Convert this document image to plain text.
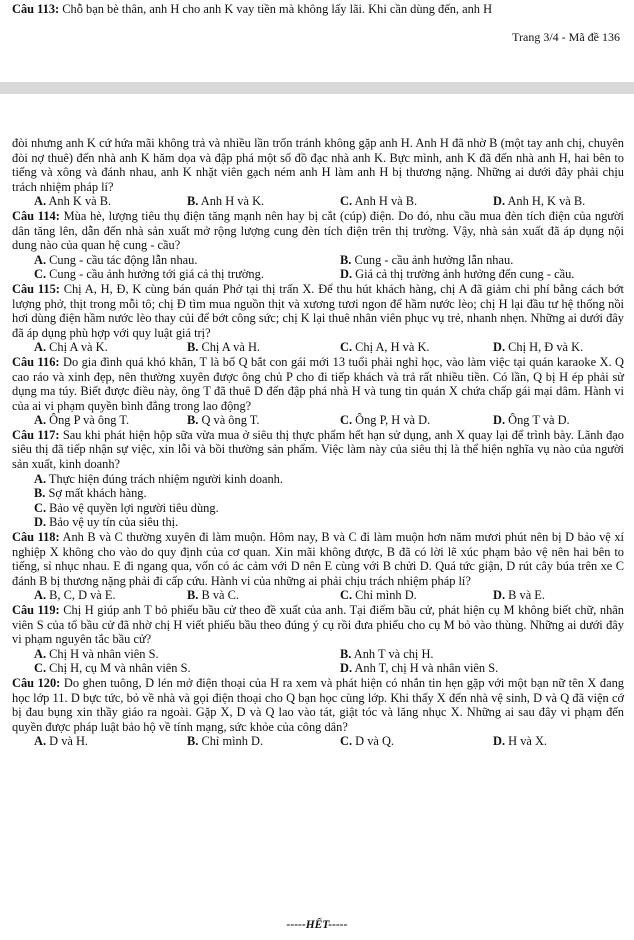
Câu 113: Chỗ bạn bè thân, anh H cho anh K vay tiền mà không lấy lãi. Khi cần dùng đến, anh H

Trang 3/4 - Mã đề 136

đòi nhưng anh K cứ hứa mãi không trả và nhiều lần trốn tránh không gặp anh H. Anh H đã nhờ B (một tay anh chị, chuyên đòi nợ thuê) đến nhà anh K hăm dọa và đập phá một số đồ đạc nhà anh K. Bực mình, anh K đã đến nhà anh H, hai bên to tiếng và xông và đánh nhau, anh K nhặt viên gạch ném anh H làm anh H bị thương nặng. Những ai dưới đây phải chịu trách nhiệm pháp lí?

A. Anh K và B.	B. Anh H và K.	C. Anh H và B.	D. Anh H, K và B.

Câu 114: Mùa hè, lượng tiêu thụ điện tăng mạnh nên hay bị cắt (cúp) điện. Do đó, nhu cầu mua đèn tích điện của người dân tăng lên, dẫn đến nhà sản xuất mở rộng lượng cung đèn tích điện trên thị trường. Vậy, nhà sản xuất đã áp dụng nội dung nào của quan hệ cung - cầu?

A. Cung - cầu tác động lẫn nhau.	B. Cung - cầu ảnh hưởng lẫn nhau.
C. Cung - cầu ảnh hưởng tới giá cả thị trường.	D. Giá cả thị trường ảnh hưởng đến cung - cầu.

Câu 115: Chị A, H, Đ, K cùng bán quán Phở tại thị trấn X. Để thu hút khách hàng, chị A đã giảm chi phí bằng cách bớt lượng phở, thịt trong mỗi tô; chị Đ tìm mua nguồn thịt và xương tươi ngon để hầm nước lèo; chị H lại đầu tư hệ thống nồi hơi dùng điện hầm nước lèo thay củi để bớt công sức; chị K lại thuê nhân viên phục vụ trẻ, nhanh nhẹn. Những ai dưới đây đã áp dụng phù hợp với quy luật giá trị?

A. Chị A và K.	B. Chị A và H.	C. Chị A, H và K.	D. Chị H, Đ và K.

Câu 116: Do gia đình quá khó khăn, T là bố Q bắt con gái mới 13 tuổi phải nghỉ học, vào làm việc tại quán karaoke X. Q cao ráo và xinh đẹp, nên thường xuyên được ông chủ P cho đi tiếp khách và trả rất nhiều tiền. Có lần, Q bị H ép phải sử dụng ma túy. Biết được điều này, ông T đã thuê D đến đập phá nhà H và tung tin quán X chứa chấp gái mại dâm. Hành vi của ai vi phạm quyền bình đẳng trong lao động?

A. Ông P và ông T.	B. Q và ông T.	C. Ông P, H và D.	D. Ông T và D.

Câu 117: Sau khi phát hiện hộp sữa vừa mua ở siêu thị thực phẩm hết hạn sử dụng, anh X quay lại để trình bày. Lãnh đạo siêu thị đã tiếp nhận sự việc, xin lỗi và bồi thường sản phẩm. Việc làm này của siêu thị là thể hiện nghĩa vụ nào của người sản xuất, kinh doanh?

A. Thực hiện đúng trách nhiệm người kinh doanh.

B. Sợ mất khách hàng.

C. Bảo vệ quyền lợi người tiêu dùng.

D. Bảo vệ uy tín của siêu thị.

Câu 118: Anh B và C thường xuyên đi làm muộn. Hôm nay, B và C đi làm muộn hơn năm mươi phút nên bị D bảo vệ xí nghiệp X không cho vào do quy định của cơ quan. Xin mãi không được, B đã có lời lẽ xúc phạm bảo vệ nên hai bên to tiếng, sỉ nhục nhau. E đi ngang qua, vốn có ác cảm với D nên E cùng với B chửi D. Quá tức giận, D rút cây búa trên xe C đánh B bị thương nặng phải đi cấp cứu. Hành vi của những ai phải chịu trách nhiệm pháp lí?

A. B, C, D và E.	B. B và C.	C. Chỉ mình D.	D. B và E.

Câu 119: Chị H giúp anh T bỏ phiếu bầu cử theo đề xuất của anh. Tại điểm bầu cử, phát hiện cụ M không biết chữ, nhân viên S của tổ bầu cử đã nhờ chị H viết phiếu bầu theo đúng ý cụ rồi đưa phiếu cho cụ M bỏ vào thùng. Những ai dưới đây vi phạm nguyên tắc bầu cử?

A. Chị H và nhân viên S.	B. Anh T và chị H.
C. Chị H, cụ M và nhân viên S.	D. Anh T, chị H và nhân viên S.

Câu 120: Do ghen tuông, D lén mở điện thoại của H ra xem và phát hiện có nhắn tin hẹn gặp với một bạn nữ tên X đang học lớp 11. D bực tức, bỏ về nhà và gọi điện thoại cho Q bạn học cùng lớp. Khi thấy X đến nhà vệ sinh, D và Q đã viện cớ bị đau bụng xin thầy giáo ra ngoài. Gặp X, D và Q lao vào tát, giật tóc và lăng nhục X. Những ai sau đây vi phạm đến quyền được pháp luật bảo hộ về tính mạng, sức khỏe của công dân?

A. D và H.	B. Chỉ mình D.	C. D và Q.	D. H và X.
-----HẾT-----
